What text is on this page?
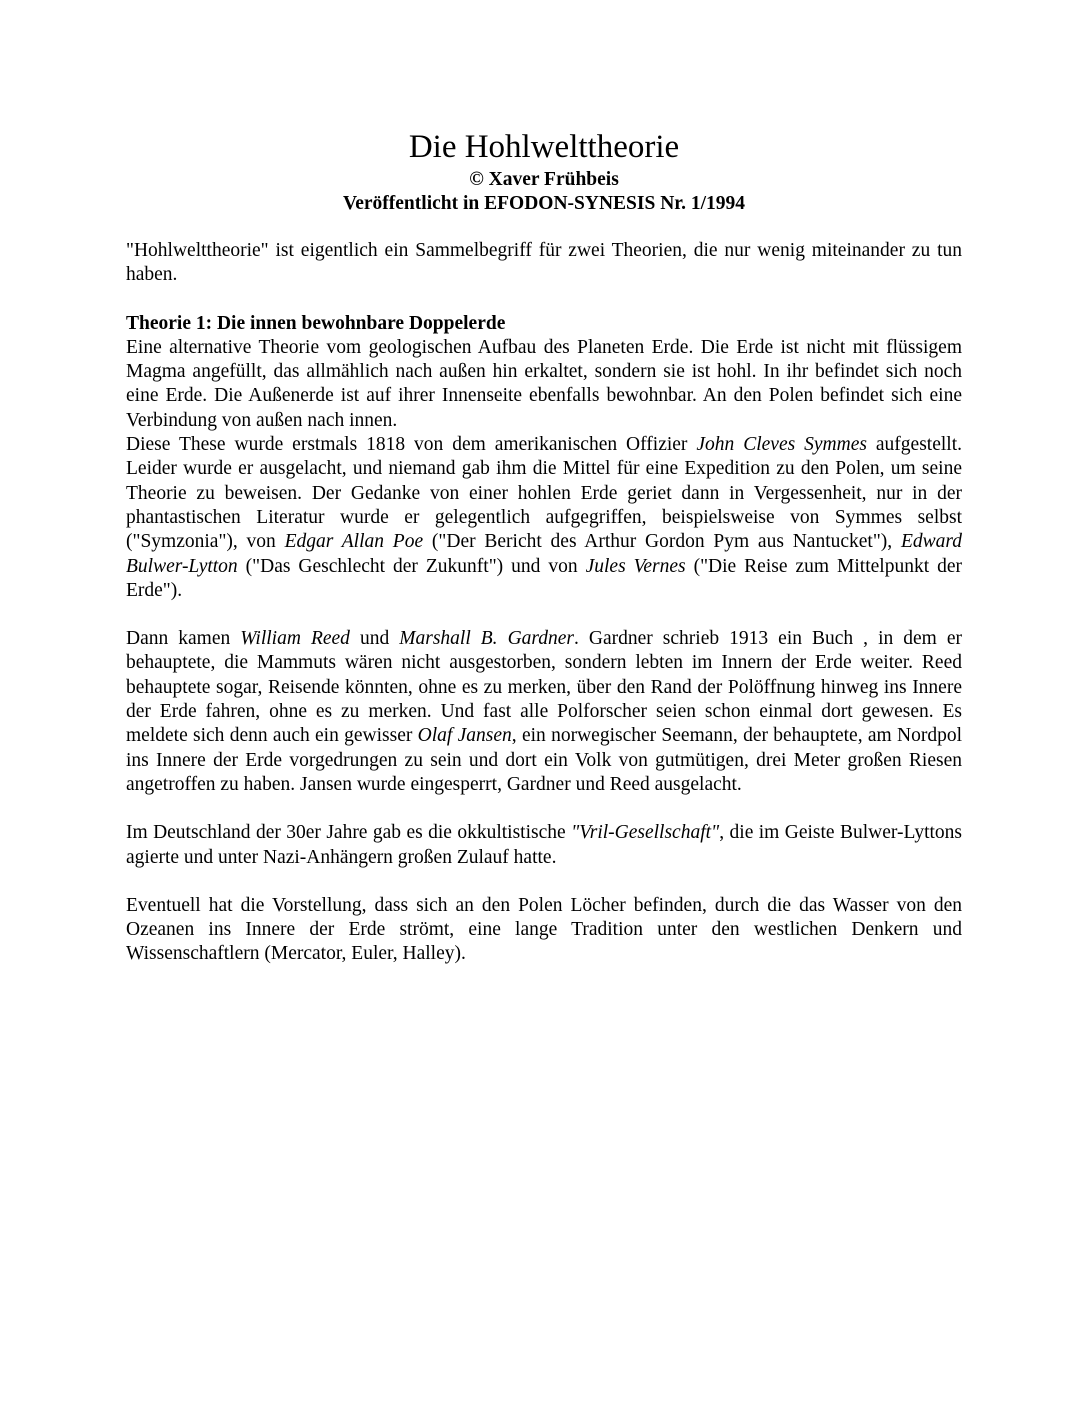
Die Hohlwelttheorie

© Xaver Frühbeis

Veröffentlicht in EFODON-SYNESIS Nr. 1/1994

"Hohlwelttheorie" ist eigentlich ein Sammelbegriff für zwei Theorien, die nur wenig miteinander zu tun haben.

Theorie 1: Die innen bewohnbare Doppelerde

Eine alternative Theorie vom geologischen Aufbau des Planeten Erde. Die Erde ist nicht mit flüssigem Magma angefüllt, das allmählich nach außen hin erkaltet, sondern sie ist hohl. In ihr befindet sich noch eine Erde. Die Außenerde ist auf ihrer Innenseite ebenfalls bewohnbar. An den Polen befindet sich eine Verbindung von außen nach innen.

Diese These wurde erstmals 1818 von dem amerikanischen Offizier John Cleves Symmes aufgestellt. Leider wurde er ausgelacht, und niemand gab ihm die Mittel für eine Expedition zu den Polen, um seine Theorie zu beweisen. Der Gedanke von einer hohlen Erde geriet dann in Vergessenheit, nur in der phantastischen Literatur wurde er gelegentlich aufgegriffen, beispielsweise von Symmes selbst ("Symzonia"), von Edgar Allan Poe ("Der Bericht des Arthur Gordon Pym aus Nantucket"), Edward Bulwer-Lytton ("Das Geschlecht der Zukunft") und von Jules Vernes ("Die Reise zum Mittelpunkt der Erde").

Dann kamen William Reed und Marshall B. Gardner. Gardner schrieb 1913 ein Buch , in dem er behauptete, die Mammuts wären nicht ausgestorben, sondern lebten im Innern der Erde weiter. Reed behauptete sogar, Reisende könnten, ohne es zu merken, über den Rand der Polöffnung hinweg ins Innere der Erde fahren, ohne es zu merken. Und fast alle Polforscher seien schon einmal dort gewesen. Es meldete sich denn auch ein gewisser Olaf Jansen, ein norwegischer Seemann, der behauptete, am Nordpol ins Innere der Erde vorgedrungen zu sein und dort ein Volk von gutmütigen, drei Meter großen Riesen angetroffen zu haben. Jansen wurde eingesperrt, Gardner und Reed ausgelacht.

Im Deutschland der 30er Jahre gab es die okkultistische "Vril-Gesellschaft", die im Geiste Bulwer-Lyttons agierte und unter Nazi-Anhängern großen Zulauf hatte.

Eventuell hat die Vorstellung, dass sich an den Polen Löcher befinden, durch die das Wasser von den Ozeanen ins Innere der Erde strömt, eine lange Tradition unter den westlichen Denkern und Wissenschaftlern (Mercator, Euler, Halley).
